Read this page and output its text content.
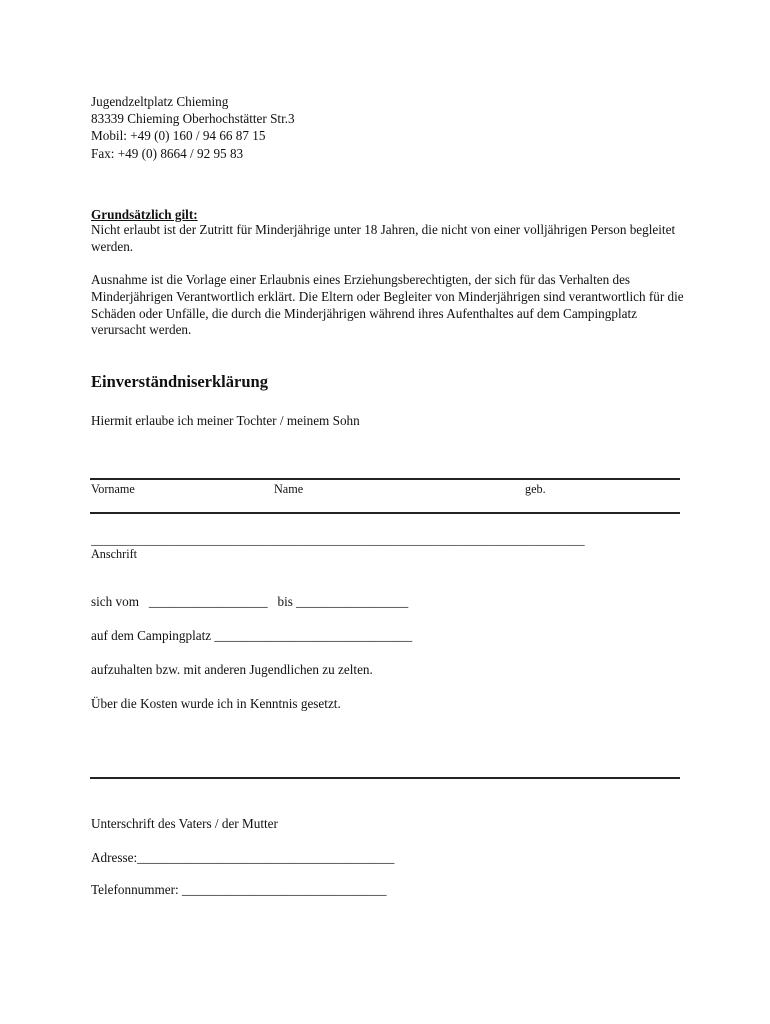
Jugendzeltplatz Chieming
83339 Chieming Oberhochstätter Str.3
Mobil: +49 (0) 160 / 94 66 87 15
Fax: +49 (0) 8664 / 92 95 83
Grundsätzlich gilt:
Nicht erlaubt ist der Zutritt für Minderjährige unter 18 Jahren, die nicht von einer volljährigen Person begleitet werden.
Ausnahme ist die Vorlage einer Erlaubnis eines Erziehungsberechtigten, der sich für das Verhalten des Minderjährigen Verantwortlich erklärt. Die Eltern oder Begleiter von Minderjährigen sind verantwortlich für die Schäden oder Unfälle, die durch die Minderjährigen während ihres Aufenthaltes auf dem Campingplatz verursacht werden.
Einverständniserklärung
Hiermit erlaube ich meiner Tochter / meinem Sohn
Vorname	Name	geb.
_________________________________________________________________________________
Anschrift
sich vom __________________ bis _________________
auf dem Campingplatz ______________________________
aufzuhalten bzw. mit anderen Jugendlichen zu zelten.
Über die Kosten wurde ich in Kenntnis gesetzt.
Unterschrift des Vaters / der Mutter
Adresse:_______________________________________
Telefonnummer: _______________________________
